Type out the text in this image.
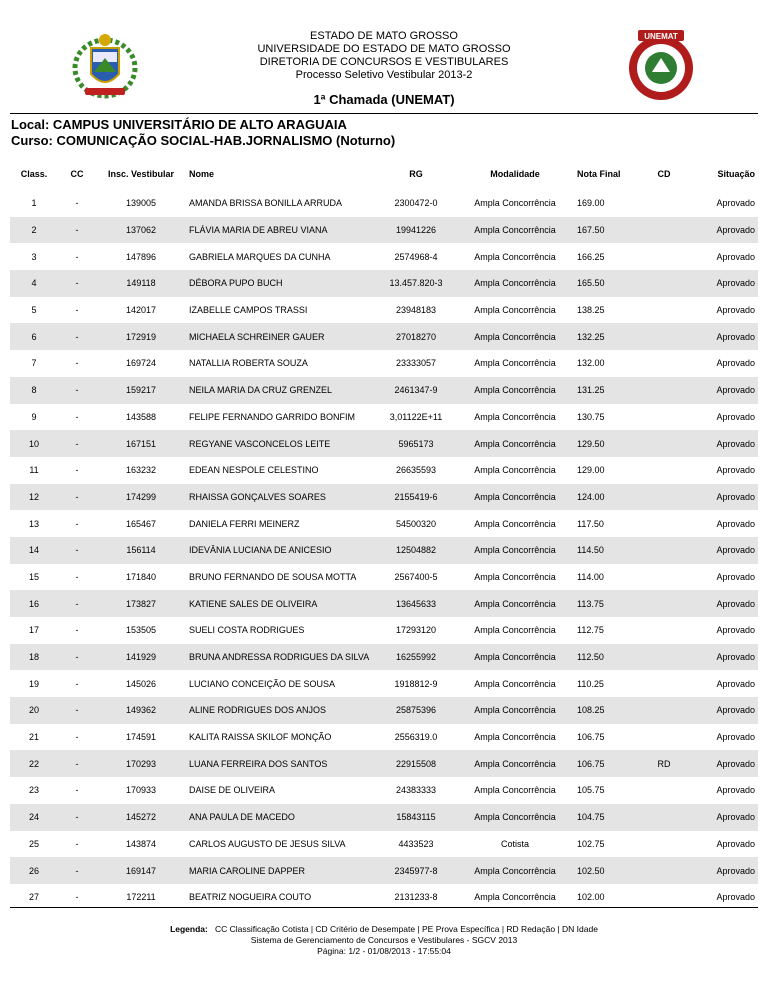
UNEMAT
ESTADO DE MATO GROSSO
UNIVERSIDADE DO ESTADO DE MATO GROSSO
DIRETORIA DE CONCURSOS E VESTIBULARES
Processo Seletivo Vestibular 2013-2
1ª Chamada (UNEMAT)
Local: CAMPUS UNIVERSITÁRIO DE ALTO ARAGUAIA
Curso: COMUNICAÇÃO SOCIAL-HAB.JORNALISMO (Noturno)
Class.	CC	Insc. Vestibular	Nome	RG	Modalidade	Nota Final	CD	Situação
1	-	139005	AMANDA BRISSA BONILLA ARRUDA	2300472-0	Ampla Concorrência	169.00		Aprovado
2	-	137062	FLÁVIA MARIA DE ABREU VIANA	19941226	Ampla Concorrência	167.50		Aprovado
3	-	147896	GABRIELA MARQUES DA CUNHA	2574968-4	Ampla Concorrência	166.25		Aprovado
4	-	149118	DÉBORA PUPO BUCH	13.457.820-3	Ampla Concorrência	165.50		Aprovado
5	-	142017	IZABELLE CAMPOS TRASSI	23948183	Ampla Concorrência	138.25		Aprovado
6	-	172919	MICHAELA SCHREINER GAUER	27018270	Ampla Concorrência	132.25		Aprovado
7	-	169724	NATALLIA ROBERTA SOUZA	23333057	Ampla Concorrência	132.00		Aprovado
8	-	159217	NEILA MARIA DA CRUZ GRENZEL	2461347-9	Ampla Concorrência	131.25		Aprovado
9	-	143588	FELIPE FERNANDO GARRIDO BONFIM	3,01122E+11	Ampla Concorrência	130.75		Aprovado
10	-	167151	REGYANE VASCONCELOS LEITE	5965173	Ampla Concorrência	129.50		Aprovado
11	-	163232	EDEAN NESPOLE CELESTINO	26635593	Ampla Concorrência	129.00		Aprovado
12	-	174299	RHAISSA GONÇALVES SOARES	2155419-6	Ampla Concorrência	124.00		Aprovado
13	-	165467	DANIELA FERRI MEINERZ	54500320	Ampla Concorrência	117.50		Aprovado
14	-	156114	IDEVÂNIA LUCIANA DE ANICESIO	12504882	Ampla Concorrência	114.50		Aprovado
15	-	171840	BRUNO FERNANDO DE SOUSA MOTTA	2567400-5	Ampla Concorrência	114.00		Aprovado
16	-	173827	KATIENE SALES DE OLIVEIRA	13645633	Ampla Concorrência	113.75		Aprovado
17	-	153505	SUELI COSTA RODRIGUES	17293120	Ampla Concorrência	112.75		Aprovado
18	-	141929	BRUNA ANDRESSA RODRIGUES DA SILVA	16255992	Ampla Concorrência	112.50		Aprovado
19	-	145026	LUCIANO CONCEIÇÃO DE SOUSA	1918812-9	Ampla Concorrência	110.25		Aprovado
20	-	149362	ALINE RODRIGUES DOS ANJOS	25875396	Ampla Concorrência	108.25		Aprovado
21	-	174591	KALITA RAISSA SKILOF MONÇÃO	2556319.0	Ampla Concorrência	106.75		Aprovado
22	-	170293	LUANA FERREIRA DOS SANTOS	22915508	Ampla Concorrência	106.75	RD	Aprovado
23	-	170933	DAISE DE OLIVEIRA	24383333	Ampla Concorrência	105.75		Aprovado
24	-	145272	ANA PAULA DE MACEDO	15843115	Ampla Concorrência	104.75		Aprovado
25	-	143874	CARLOS AUGUSTO DE JESUS SILVA	4433523	Cotista	102.75		Aprovado
26	-	169147	MARIA CAROLINE DAPPER	2345977-8	Ampla Concorrência	102.50		Aprovado
27	-	172211	BEATRIZ NOGUEIRA COUTO	2131233-8	Ampla Concorrência	102.00		Aprovado
Legenda: CC Classificação Cotista | CD Critério de Desempate | PE Prova Específica | RD Redação | DN Idade
Sistema de Gerenciamento de Concursos e Vestibulares - SGCV 2013
Página: 1/2 - 01/08/2013 - 17:55:04
